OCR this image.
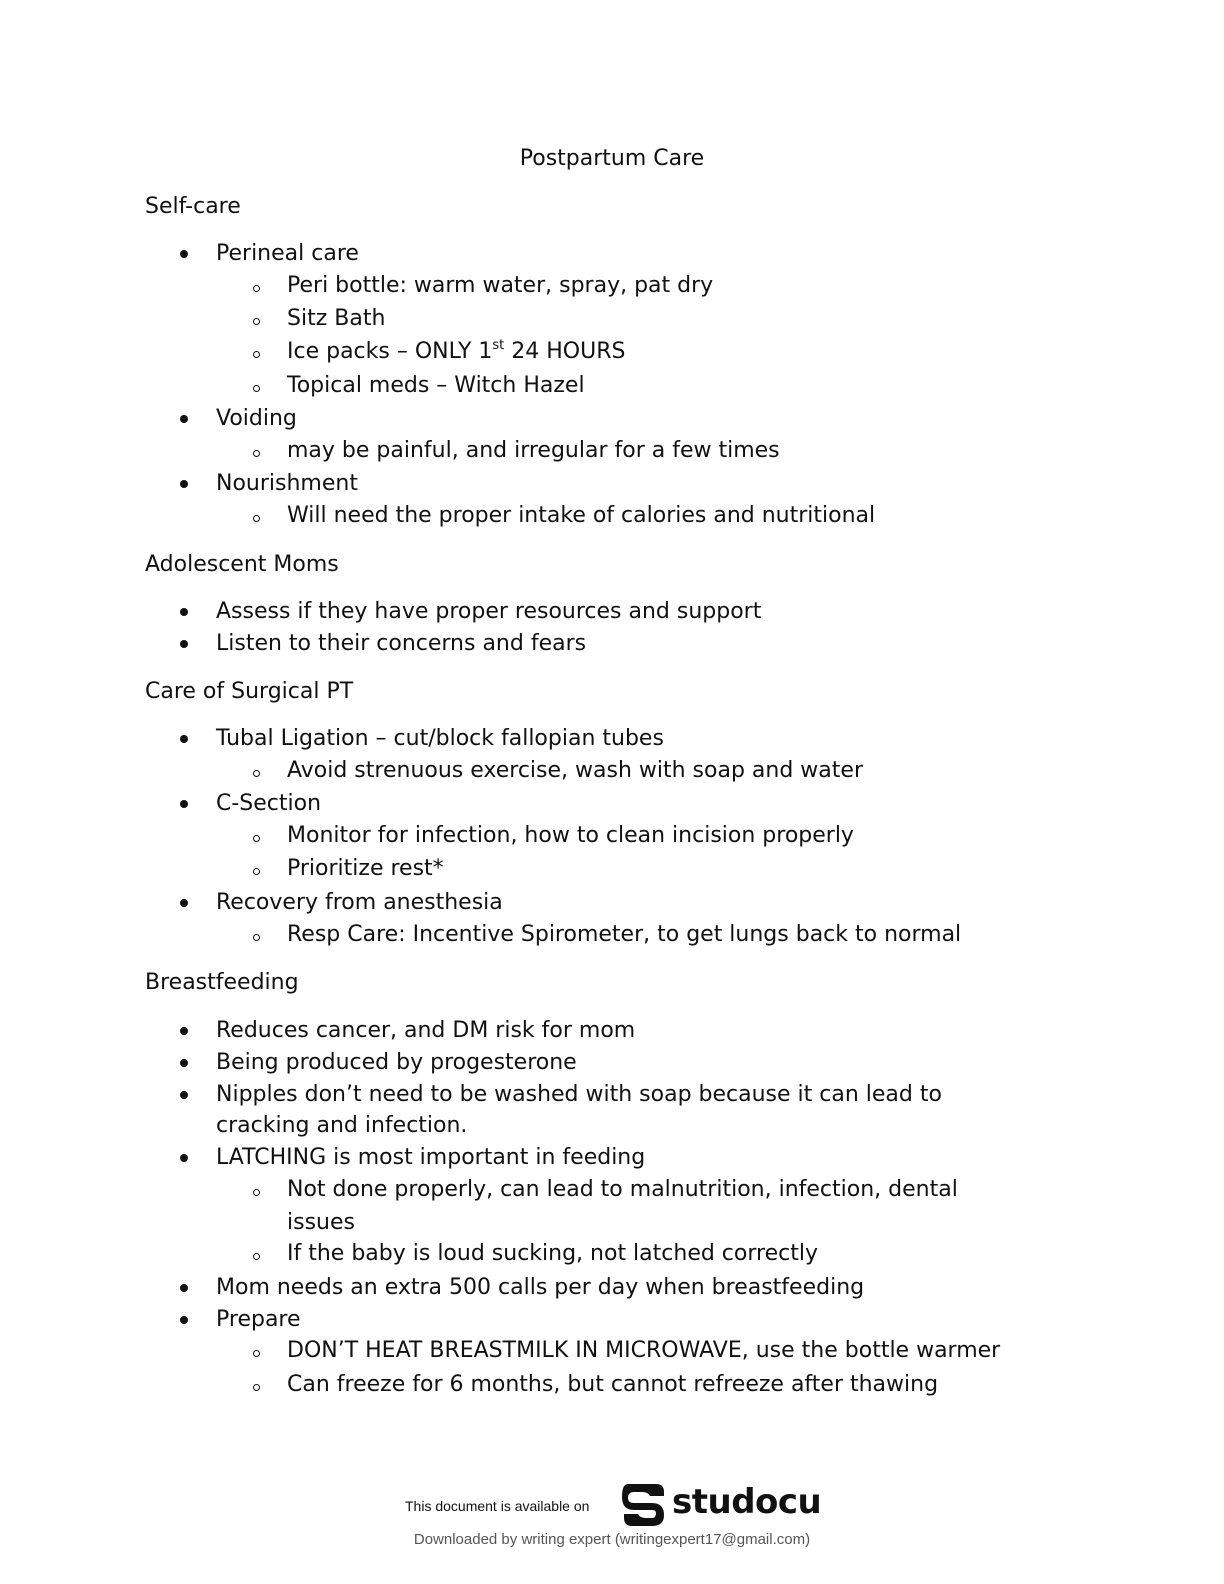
Postpartum Care
Self-care
Perineal care
Peri bottle: warm water, spray, pat dry
Sitz Bath
Ice packs – ONLY 1st 24 HOURS
Topical meds – Witch Hazel
Voiding
may be painful, and irregular for a few times
Nourishment
Will need the proper intake of calories and nutritional
Adolescent Moms
Assess if they have proper resources and support
Listen to their concerns and fears
Care of Surgical PT
Tubal Ligation – cut/block fallopian tubes
Avoid strenuous exercise, wash with soap and water
C-Section
Monitor for infection, how to clean incision properly
Prioritize rest*
Recovery from anesthesia
Resp Care: Incentive Spirometer, to get lungs back to normal
Breastfeeding
Reduces cancer, and DM risk for mom
Being produced by progesterone
Nipples don’t need to be washed with soap because it can lead to
cracking and infection.
LATCHING is most important in feeding
Not done properly, can lead to malnutrition, infection, dental
issues
If the baby is loud sucking, not latched correctly
Mom needs an extra 500 calls per day when breastfeeding
Prepare
DON’T HEAT BREASTMILK IN MICROWAVE, use the bottle warmer
Can freeze for 6 months, but cannot refreeze after thawing
This document is available on studocu
Downloaded by writing expert (writingexpert17@gmail.com)
